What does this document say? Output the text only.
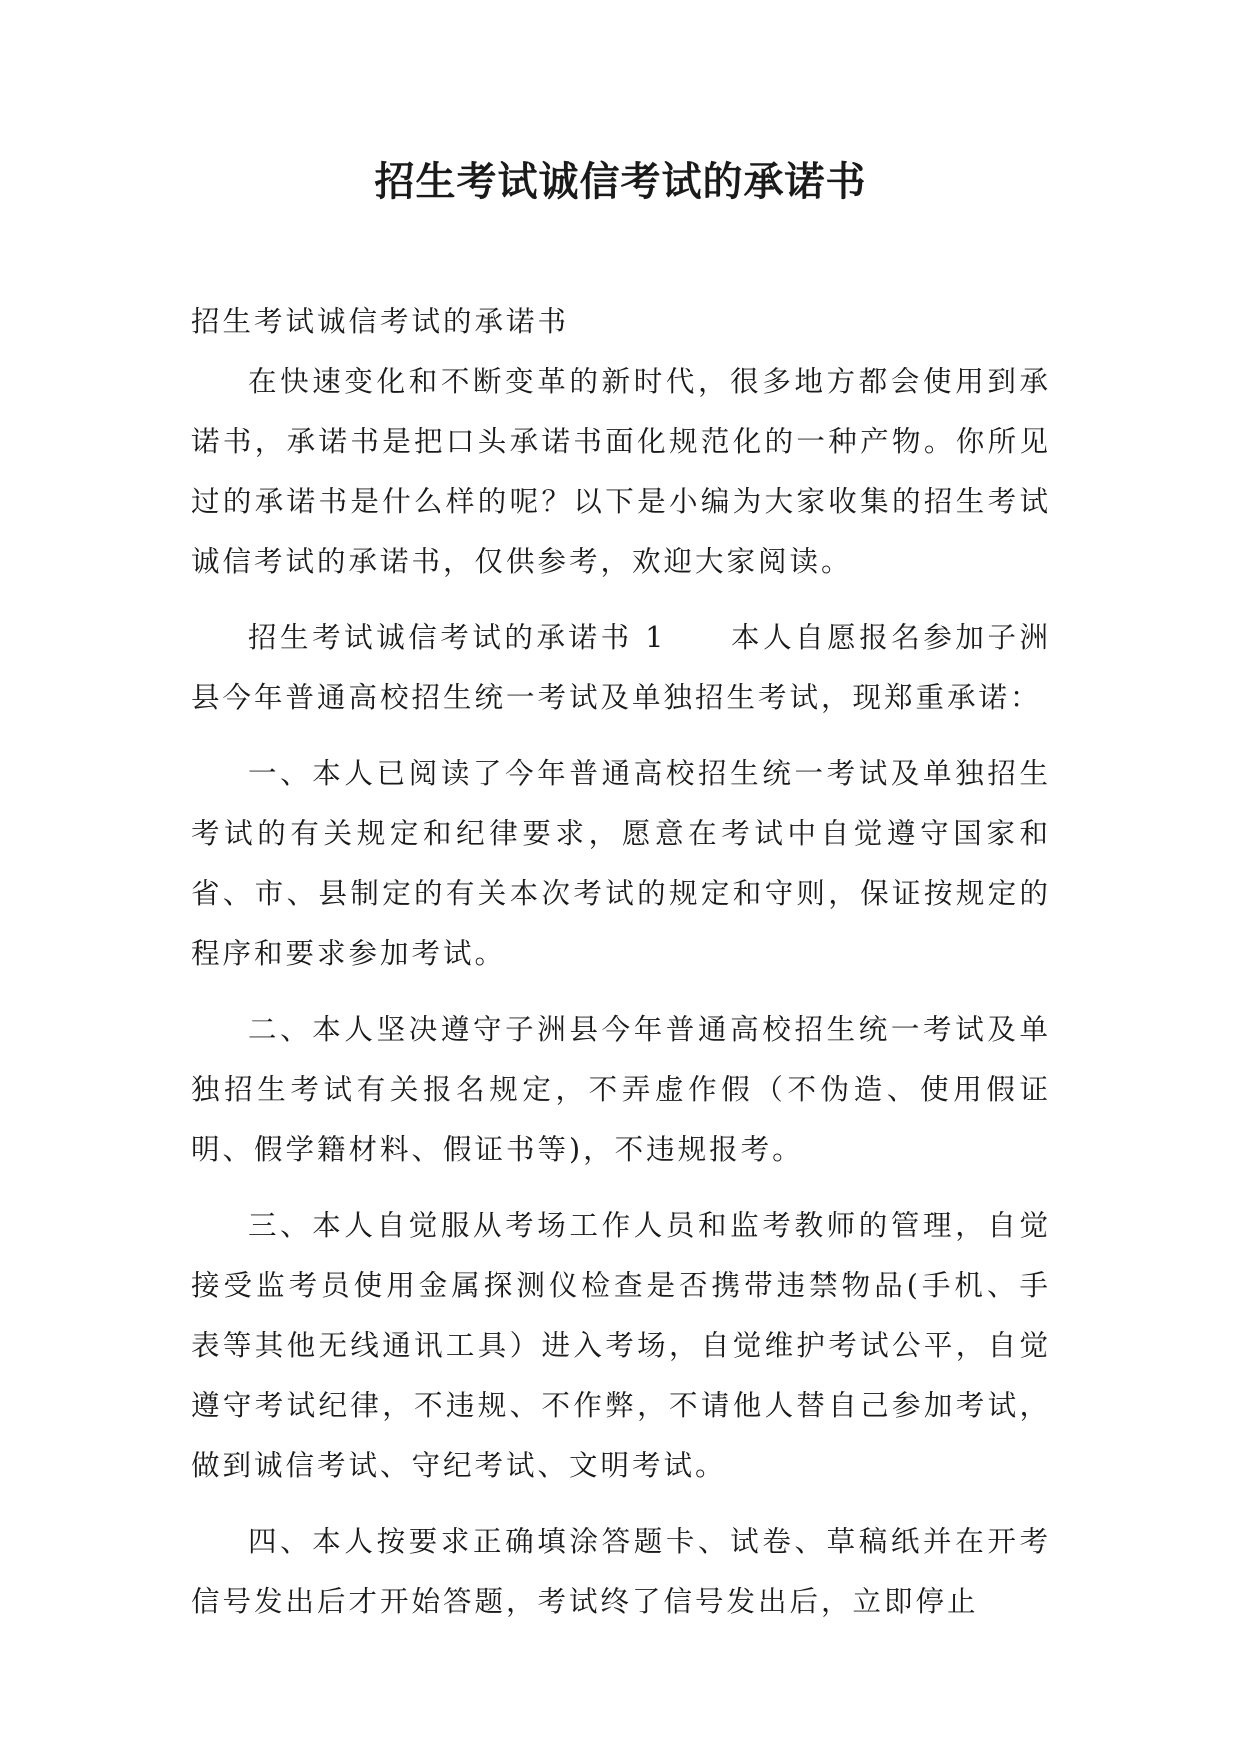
招生考试诚信考试的承诺书

招生考试诚信考试的承诺书

在快速变化和不断变革的新时代，很多地方都会使用到承诺书，承诺书是把口头承诺书面化规范化的一种产物。你所见过的承诺书是什么样的呢？以下是小编为大家收集的招生考试诚信考试的承诺书，仅供参考，欢迎大家阅读。

招生考试诚信考试的承诺书 1　　本人自愿报名参加子洲县今年普通高校招生统一考试及单独招生考试，现郑重承诺：

一、本人已阅读了今年普通高校招生统一考试及单独招生考试的有关规定和纪律要求，愿意在考试中自觉遵守国家和省、市、县制定的有关本次考试的规定和守则，保证按规定的程序和要求参加考试。

二、本人坚决遵守子洲县今年普通高校招生统一考试及单独招生考试有关报名规定，不弄虚作假（不伪造、使用假证明、假学籍材料、假证书等)，不违规报考。

三、本人自觉服从考场工作人员和监考教师的管理，自觉接受监考员使用金属探测仪检查是否携带违禁物品(手机、手表等其他无线通讯工具）进入考场，自觉维护考试公平，自觉遵守考试纪律，不违规、不作弊，不请他人替自己参加考试，做到诚信考试、守纪考试、文明考试。

四、本人按要求正确填涂答题卡、试卷、草稿纸并在开考信号发出后才开始答题，考试终了信号发出后，立即停止
